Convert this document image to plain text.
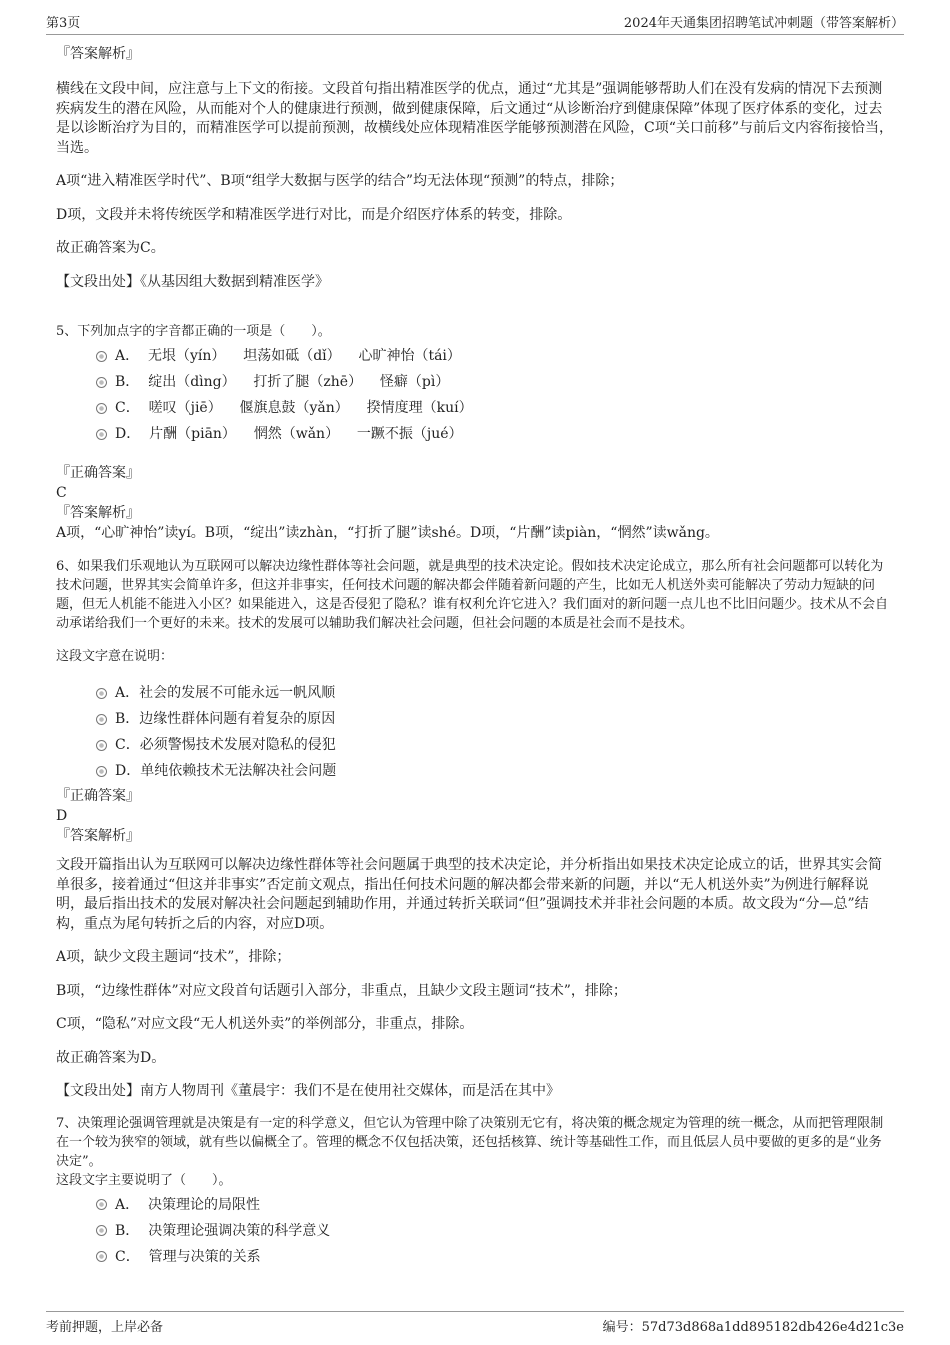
第3页	2024年天通集团招聘笔试冲刺题（带答案解析）
『答案解析』

横线在文段中间，应注意与上下文的衔接。文段首句指出精准医学的优点，通过“尤其是”强调能够帮助人们在没有发病的情况下去预测疾病发生的潜在风险，从而能对个人的健康进行预测，做到健康保障，后文通过“从诊断治疗到健康保障”体现了医疗体系的变化，过去是以诊断治疗为目的，而精准医学可以提前预测，故横线处应体现精准医学能够预测潜在风险，C项“关口前移”与前后文内容衔接恰当，当选。

A项“进入精准医学时代”、B项“组学大数据与医学的结合”均无法体现“预测”的特点，排除；

D项，文段并未将传统医学和精准医学进行对比，而是介绍医疗体系的转变，排除。

故正确答案为C。

【文段出处】《从基因组大数据到精准医学》

5、下列加点字的字音都正确的一项是（　　）。

A．  无垠（yín）    坦荡如砥（dǐ）    心旷神怡（tái）
B．  绽出（dìng）    打折了腿（zhē）    怪癖（pì）
C．  嗟叹（jiē）    偃旗息鼓（yǎn）    揆情度理（kuí）
D．  片酬（piān）    惘然（wǎn）    一蹶不振（jué）
『正确答案』
C
『答案解析』
A项，“心旷神怡”读yí。B项，“绽出”读zhàn，“打折了腿”读shé。D项，“片酬”读piàn，“惘然”读wǎng。

6、如果我们乐观地认为互联网可以解决边缘性群体等社会问题，就是典型的技术决定论。假如技术决定论成立，那么所有社会问题都可以转化为技术问题，世界其实会简单许多，但这并非事实，任何技术问题的解决都会伴随着新问题的产生，比如无人机送外卖可能解决了劳动力短缺的问题，但无人机能不能进入小区？如果能进入，这是否侵犯了隐私？谁有权利允许它进入？我们面对的新问题一点儿也不比旧问题少。技术从不会自动承诺给我们一个更好的未来。技术的发展可以辅助我们解决社会问题，但社会问题的本质是社会而不是技术。

这段文字意在说明：

A．社会的发展不可能永远一帆风顺
B．边缘性群体问题有着复杂的原因
C．必须警惕技术发展对隐私的侵犯
D．单纯依赖技术无法解决社会问题
『正确答案』
D
『答案解析』

文段开篇指出认为互联网可以解决边缘性群体等社会问题属于典型的技术决定论，并分析指出如果技术决定论成立的话，世界其实会简单很多，接着通过“但这并非事实”否定前文观点，指出任何技术问题的解决都会带来新的问题，并以“无人机送外卖”为例进行解释说明，最后指出技术的发展对解决社会问题起到辅助作用，并通过转折关联词“但”强调技术并非社会问题的本质。故文段为“分—总”结构，重点为尾句转折之后的内容，对应D项。

A项，缺少文段主题词“技术”，排除；

B项，“边缘性群体”对应文段首句话题引入部分，非重点，且缺少文段主题词“技术”，排除；

C项，“隐私”对应文段“无人机送外卖”的举例部分，非重点，排除。

故正确答案为D。

【文段出处】南方人物周刊《董晨宇：我们不是在使用社交媒体，而是活在其中》

7、决策理论强调管理就是决策是有一定的科学意义，但它认为管理中除了决策别无它有，将决策的概念规定为管理的统一概念，从而把管理限制在一个较为狭窄的领域，就有些以偏概全了。管理的概念不仅包括决策，还包括核算、统计等基础性工作，而且低层人员中要做的更多的是“业务决定”。

这段文字主要说明了（　　）。

A．  决策理论的局限性
B．  决策理论强调决策的科学意义
C．  管理与决策的关系
考前押题，上岸必备	编号：57d73d868a1dd895182db426e4d21c3e
